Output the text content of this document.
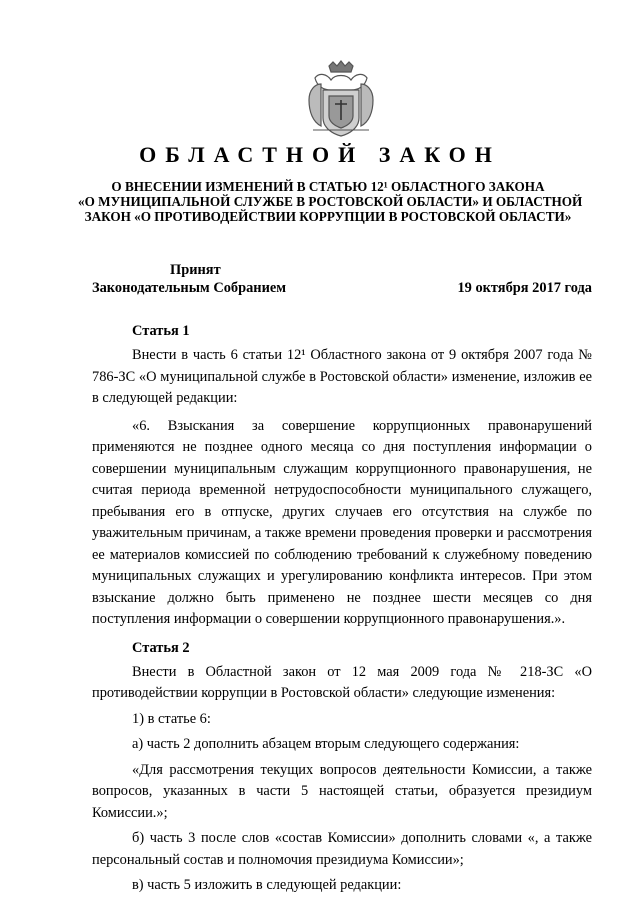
ОБЛАСТНОЙ ЗАКОН
О ВНЕСЕНИИ ИЗМЕНЕНИЙ В СТАТЬЮ 12¹ ОБЛАСТНОГО ЗАКОНА
«О МУНИЦИПАЛЬНОЙ СЛУЖБЕ В РОСТОВСКОЙ ОБЛАСТИ» И ОБЛАСТНОЙ
ЗАКОН «О ПРОТИВОДЕЙСТВИИ КОРРУПЦИИ В РОСТОВСКОЙ ОБЛАСТИ»
Принят
Законодательным Собранием	19 октября 2017 года
Статья 1
Внести в часть 6 статьи 12¹ Областного закона от 9 октября 2007 года № 786-ЗС «О муниципальной службе в Ростовской области» изменение, изложив ее в следующей редакции:
«6. Взыскания за совершение коррупционных правонарушений применяются не позднее одного месяца со дня поступления информации о совершении муниципальным служащим коррупционного правонарушения, не считая периода временной нетрудоспособности муниципального служащего, пребывания его в отпуске, других случаев его отсутствия на службе по уважительным причинам, а также времени проведения проверки и рассмотрения ее материалов комиссией по соблюдению требований к служебному поведению муниципальных служащих и урегулированию конфликта интересов. При этом взыскание должно быть применено не позднее шести месяцев со дня поступления информации о совершении коррупционного правонарушения.».
Статья 2
Внести в Областной закон от 12 мая 2009 года № 218-ЗС «О противодействии коррупции в Ростовской области» следующие изменения:
1) в статье 6:
а) часть 2 дополнить абзацем вторым следующего содержания:
«Для рассмотрения текущих вопросов деятельности Комиссии, а также вопросов, указанных в части 5 настоящей статьи, образуется президиум Комиссии.»;
б) часть 3 после слов «состав Комиссии» дополнить словами «, а также персональный состав и полномочия президиума Комиссии»;
в) часть 5 изложить в следующей редакции:
